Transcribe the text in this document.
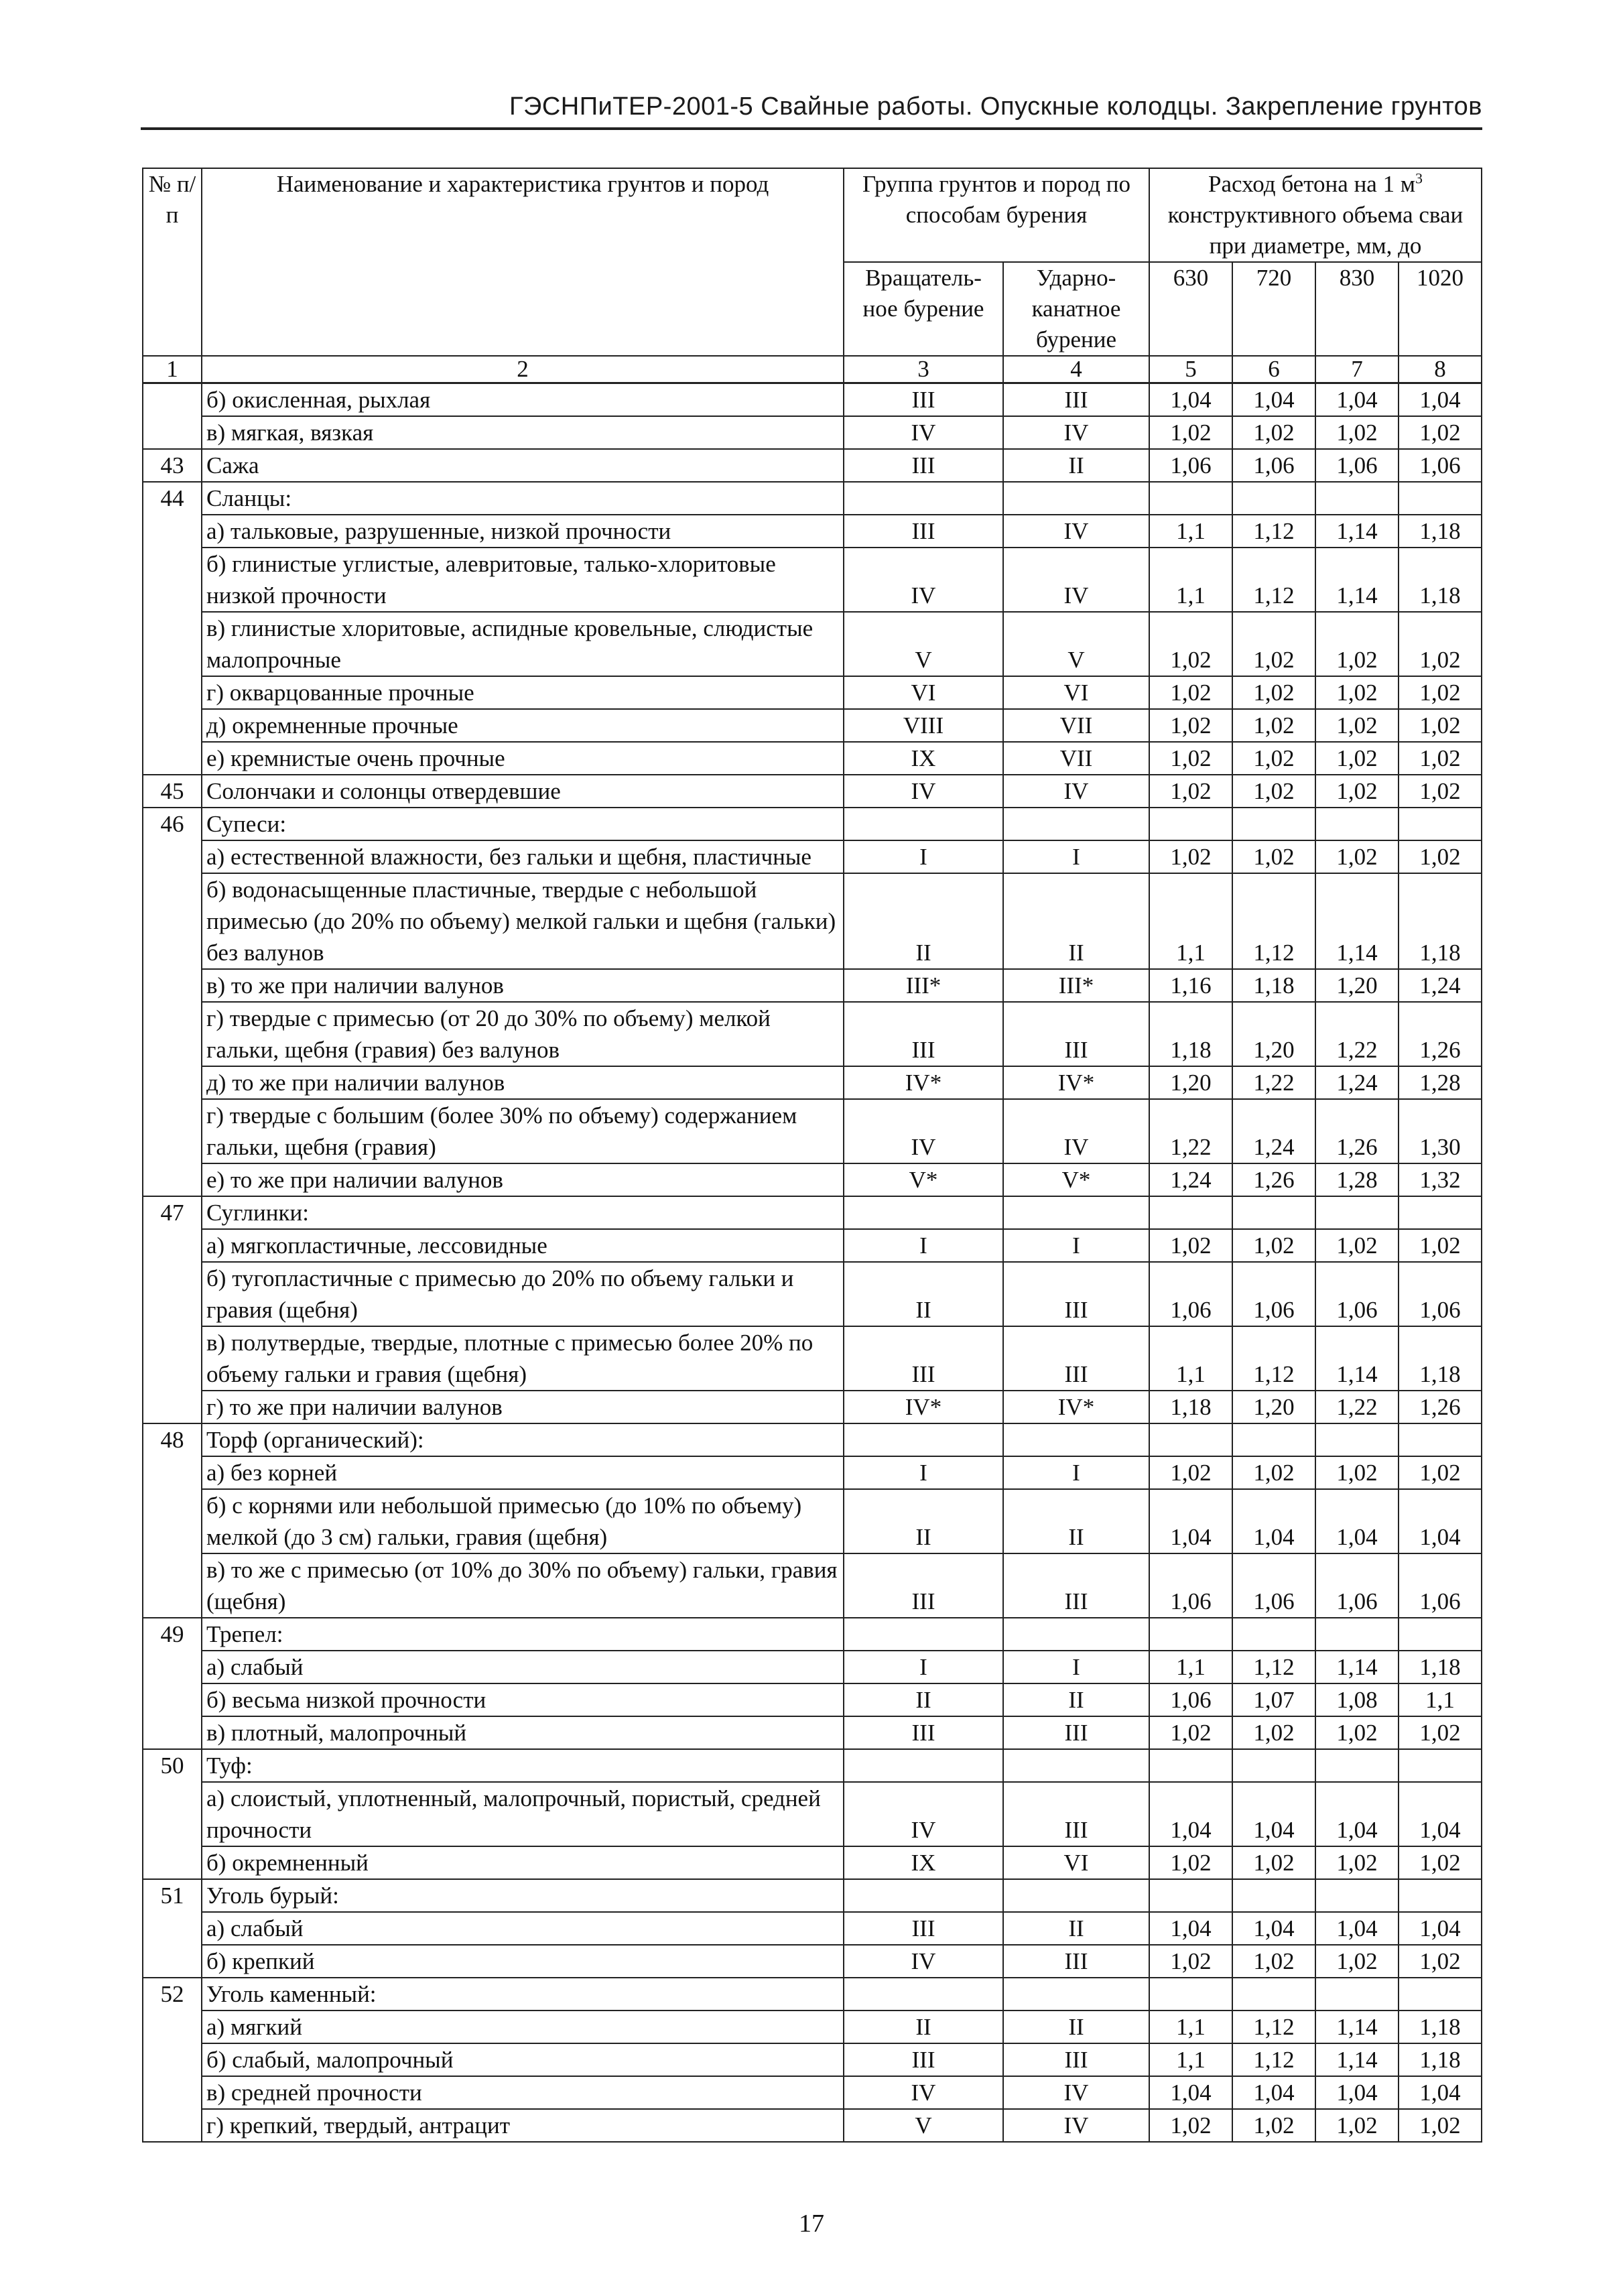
ГЭСНПиТЕР-2001-5 Свайные работы. Опускные колодцы. Закрепление грунтов
№ п/п	Наименование и характеристика грунтов и пород	Группа грунтов и пород по способам бурения		Расход бетона на 1 $м^3$
конструктивного объема сваи при диаметре, мм, до			
		Вращатель-ное бурение	Ударно-канатное бурение	630	720	830	1020
1	2	3	4	5	6	7	8
	б) окисленная, рыхлая	III	III	1,04	1,04	1,04	1,04
	в) мягкая, вязкая	IV	IV	1,02	1,02	1,02	1,02
43	Сажа	III	II	1,06	1,06	1,06	1,06
44	Сланцы:						
	а) тальковые, разрушенные, низкой прочности	III	IV	1,1	1,12	1,14	1,18
	б) глинистые углистые, алевритовые, талько-хлоритовые низкой прочности	IV	IV	1,1	1,12	1,14	1,18
	в) глинистые хлоритовые, аспидные кровельные, слюдистые малопрочные	V	V	1,02	1,02	1,02	1,02
	г) окварцованные прочные	VI	VI	1,02	1,02	1,02	1,02
	д) окремненные прочные	VIII	VII	1,02	1,02	1,02	1,02
	е) кремнистые очень прочные	IX	VII	1,02	1,02	1,02	1,02
45	Солончаки и солонцы отвердевшие	IV	IV	1,02	1,02	1,02	1,02
46	Супеси:						
	а) естественной влажности, без гальки и щебня, пластичные	I	I	1,02	1,02	1,02	1,02
	б) водонасыщенные пластичные, твердые с небольшой примесью (до 20% по объему) мелкой гальки и щебня (гальки) без валунов	II	II	1,1	1,12	1,14	1,18
	в) то же при наличии валунов	III*	III*	1,16	1,18	1,20	1,24
	г) твердые с примесью (от 20 до 30% по объему) мелкой гальки, щебня (гравия) без валунов	III	III	1,18	1,20	1,22	1,26
	д) то же при наличии валунов	IV*	IV*	1,20	1,22	1,24	1,28
	г) твердые с большим (более 30% по объему) содержанием гальки, щебня (гравия)	IV	IV	1,22	1,24	1,26	1,30
	е) то же при наличии валунов	V*	V*	1,24	1,26	1,28	1,32
47	Суглинки:						
	а) мягкопластичные, лессовидные	I	I	1,02	1,02	1,02	1,02
	б) тугопластичные с примесью до 20% по объему гальки и гравия (щебня)	II	III	1,06	1,06	1,06	1,06
	в) полутвердые, твердые, плотные с примесью более 20% по объему гальки и гравия (щебня)	III	III	1,1	1,12	1,14	1,18
	г) то же при наличии валунов	IV*	IV*	1,18	1,20	1,22	1,26
48	Торф (органический):						
	а) без корней	I	I	1,02	1,02	1,02	1,02
	б) с корнями или небольшой примесью (до 10% по объему) мелкой (до 3 см) гальки, гравия (щебня)	II	II	1,04	1,04	1,04	1,04
	в) то же с примесью (от 10% до 30% по объему) гальки, гравия (щебня)	III	III	1,06	1,06	1,06	1,06
49	Трепел:						
	а) слабый	I	I	1,1	1,12	1,14	1,18
	б) весьма низкой прочности	II	II	1,06	1,07	1,08	1,1
	в) плотный, малопрочный	III	III	1,02	1,02	1,02	1,02
50	Туф:						
	а) слоистый, уплотненный, малопрочный, пористый, средней прочности	IV	III	1,04	1,04	1,04	1,04
	б) окремненный	IX	VI	1,02	1,02	1,02	1,02
51	Уголь бурый:						
	а) слабый	III	II	1,04	1,04	1,04	1,04
	б) крепкий	IV	III	1,02	1,02	1,02	1,02
52	Уголь каменный:						
	а) мягкий	II	II	1,1	1,12	1,14	1,18
	б) слабый, малопрочный	III	III	1,1	1,12	1,14	1,18
	в) средней прочности	IV	IV	1,04	1,04	1,04	1,04
	г) крепкий, твердый, антрацит	V	IV	1,02	1,02	1,02	1,02
17
